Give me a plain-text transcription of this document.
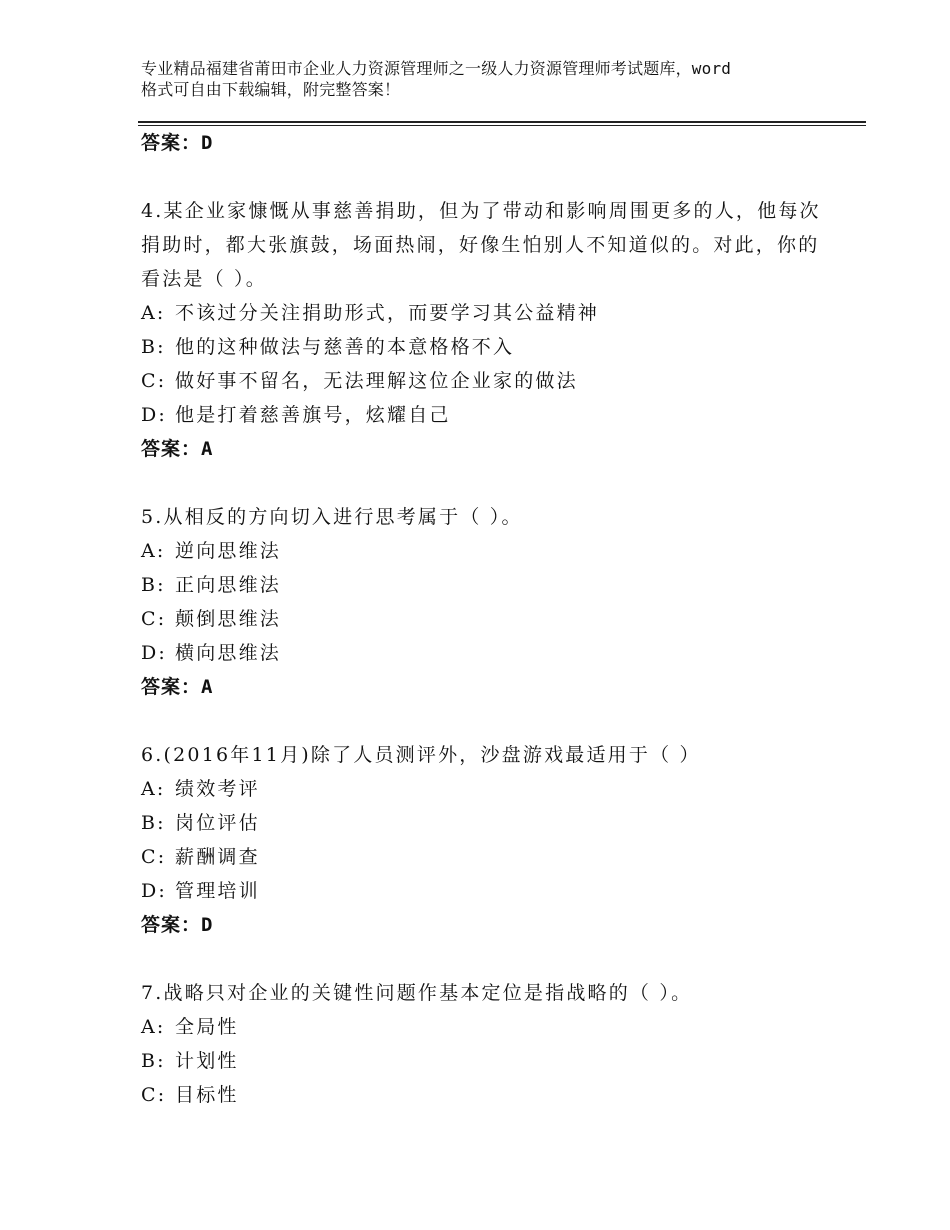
专业精品福建省莆田市企业人力资源管理师之一级人力资源管理师考试题库，word
格式可自由下载编辑，附完整答案！
答案：D

4.某企业家慷慨从事慈善捐助，但为了带动和影响周围更多的人，他每次捐助时，都大张旗鼓，场面热闹，好像生怕别人不知道似的。对此，你的看法是（ ）。

A: 不该过分关注捐助形式，而要学习其公益精神
B: 他的这种做法与慈善的本意格格不入
C: 做好事不留名，无法理解这位企业家的做法
D: 他是打着慈善旗号，炫耀自己
答案：A

5.从相反的方向切入进行思考属于（ ）。

A: 逆向思维法
B: 正向思维法
C: 颠倒思维法
D: 横向思维法
答案：A

6.(2016年11月)除了人员测评外，沙盘游戏最适用于（ ）

A: 绩效考评
B: 岗位评估
C: 薪酬调查
D: 管理培训
答案：D

7.战略只对企业的关键性问题作基本定位是指战略的（ ）。

A: 全局性
B: 计划性
C: 目标性
